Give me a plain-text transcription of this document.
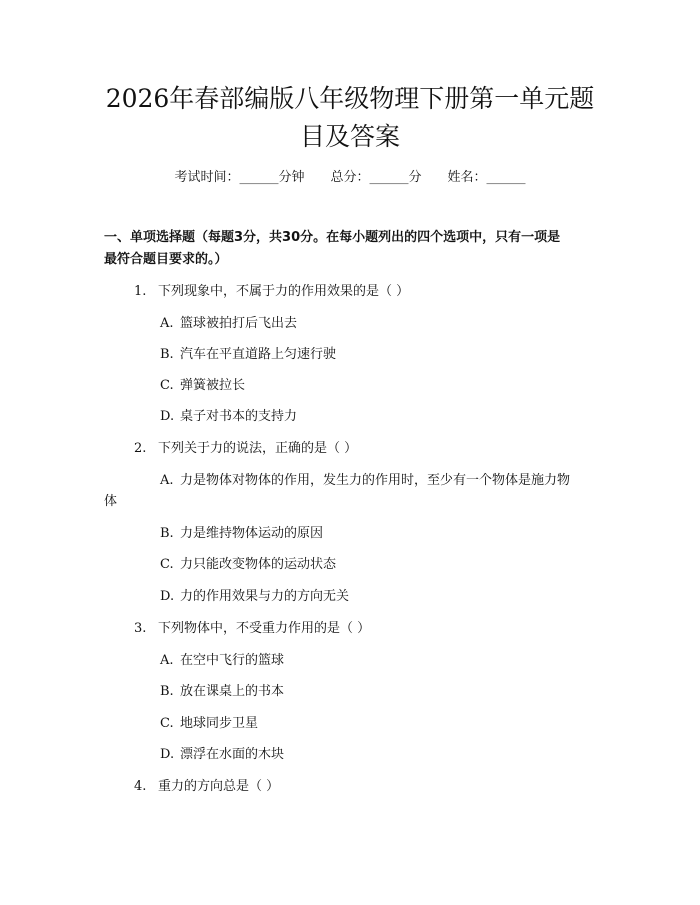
2026年春部编版八年级物理下册第一单元题
目及答案
考试时间：______分钟 总分：______分 姓名：______
一、单项选择题（每题3分，共30分。在每小题列出的四个选项中，只有一项是
最符合题目要求的。）
1. 下列现象中，不属于力的作用效果的是（ ）
A. 篮球被拍打后飞出去
B. 汽车在平直道路上匀速行驶
C. 弹簧被拉长
D. 桌子对书本的支持力
2. 下列关于力的说法，正确的是（ ）
A. 力是物体对物体的作用，发生力的作用时，至少有一个物体是施力物
体
B. 力是维持物体运动的原因
C. 力只能改变物体的运动状态
D. 力的作用效果与力的方向无关
3. 下列物体中，不受重力作用的是（ ）
A. 在空中飞行的篮球
B. 放在课桌上的书本
C. 地球同步卫星
D. 漂浮在水面的木块
4. 重力的方向总是（ ）
